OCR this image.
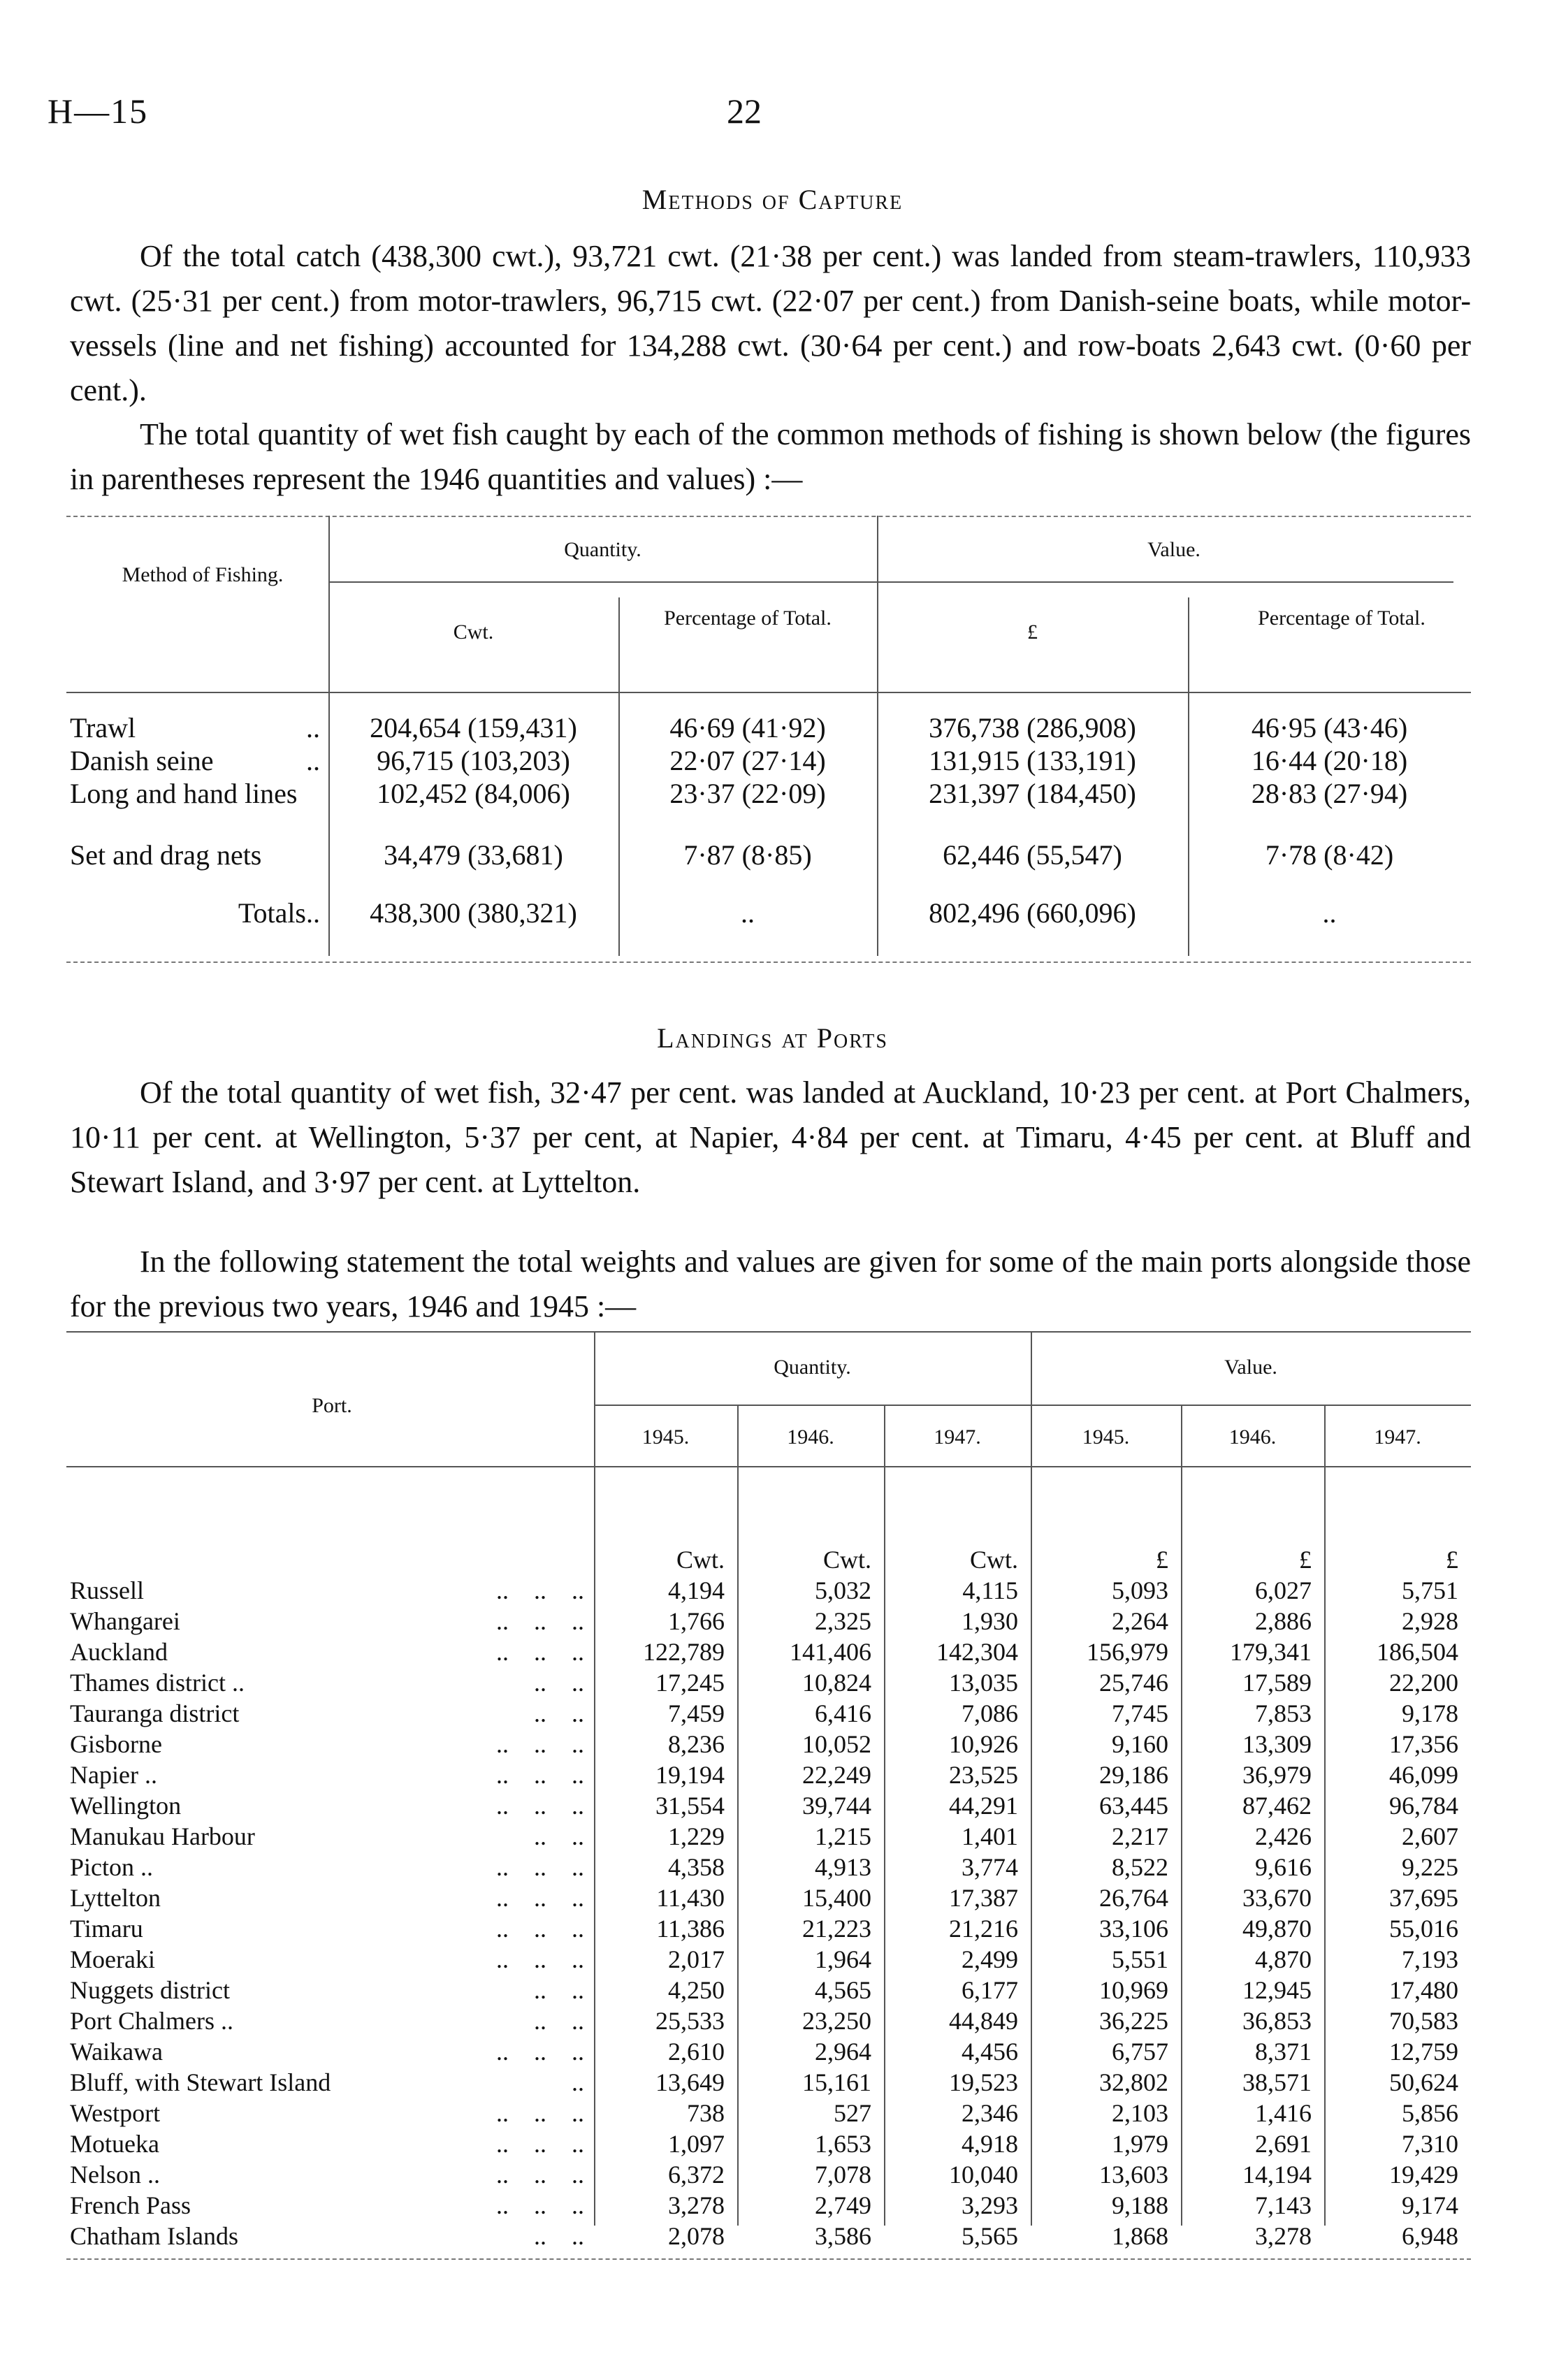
H—15	22
Methods of Capture
Of the total catch (438,300 cwt.), 93,721 cwt. (21·38 per cent.) was landed from steam-trawlers, 110,933 cwt. (25·31 per cent.) from motor-trawlers, 96,715 cwt. (22·07 per cent.) from Danish-seine boats, while motor-vessels (line and net fishing) accounted for 134,288 cwt. (30·64 per cent.) and row-boats 2,643 cwt. (0·60 per cent.).
The total quantity of wet fish caught by each of the common methods of fishing is shown below (the figures in parentheses represent the 1946 quantities and values) :—
Method of Fishing.
Quantity.	Value.
Cwt.
Percentage of Total.
£
Percentage of Total.
Trawl ..	204,654 (159,431)	46·69 (41·92)	376,738 (286,908)	46·95 (43·46)
Danish seine ..	96,715 (103,203)	22·07 (27·14)	131,915 (133,191)	16·44 (20·18)
Long and hand lines	102,452 (84,006)	23·37 (22·09)	231,397 (184,450)	28·83 (27·94)
Set and drag nets	34,479 (33,681)	7·87 (8·85)	62,446 (55,547)	7·78 (8·42)
Totals..	438,300 (380,321)	..	802,496 (660,096)	..
Landings at Ports
Of the total quantity of wet fish, 32·47 per cent. was landed at Auckland, 10·23 per cent. at Port Chalmers, 10·11 per cent. at Wellington, 5·37 per cent, at Napier, 4·84 per cent. at Timaru, 4·45 per cent. at Bluff and Stewart Island, and 3·97 per cent. at Lyttelton.
In the following statement the total weights and values are given for some of the main ports alongside those for the previous two years, 1946 and 1945 :—
Port.
Quantity.	Value.
1945.	1946.	1947.	1945.	1946.	1947.
	Cwt.	Cwt.	Cwt.	£	£	£
Russell ..    ..    ..	4,194	5,032	4,115	5,093	6,027	5,751
Whangarei ..    ..    ..	1,766	2,325	1,930	2,264	2,886	2,928
Auckland ..    ..    ..	122,789	141,406	142,304	156,979	179,341	186,504
Thames district .. ..    ..	17,245	10,824	13,035	25,746	17,589	22,200
Tauranga district ..    ..	7,459	6,416	7,086	7,745	7,853	9,178
Gisborne ..    ..    ..	8,236	10,052	10,926	9,160	13,309	17,356
Napier .. ..    ..    ..	19,194	22,249	23,525	29,186	36,979	46,099
Wellington ..    ..    ..	31,554	39,744	44,291	63,445	87,462	96,784
Manukau Harbour ..    ..	1,229	1,215	1,401	2,217	2,426	2,607
Picton .. ..    ..    ..	4,358	4,913	3,774	8,522	9,616	9,225
Lyttelton ..    ..    ..	11,430	15,400	17,387	26,764	33,670	37,695
Timaru ..    ..    ..	11,386	21,223	21,216	33,106	49,870	55,016
Moeraki ..    ..    ..	2,017	1,964	2,499	5,551	4,870	7,193
Nuggets district ..    ..	4,250	4,565	6,177	10,969	12,945	17,480
Port Chalmers .. ..    ..	25,533	23,250	44,849	36,225	36,853	70,583
Waikawa ..    ..    ..	2,610	2,964	4,456	6,757	8,371	12,759
Bluff, with Stewart Island ..	13,649	15,161	19,523	32,802	38,571	50,624
Westport ..    ..    ..	738	527	2,346	2,103	1,416	5,856
Motueka ..    ..    ..	1,097	1,653	4,918	1,979	2,691	7,310
Nelson .. ..    ..    ..	6,372	7,078	10,040	13,603	14,194	19,429
French Pass ..    ..    ..	3,278	2,749	3,293	9,188	7,143	9,174
Chatham Islands ..    ..	2,078	3,586	5,565	1,868	3,278	6,948
